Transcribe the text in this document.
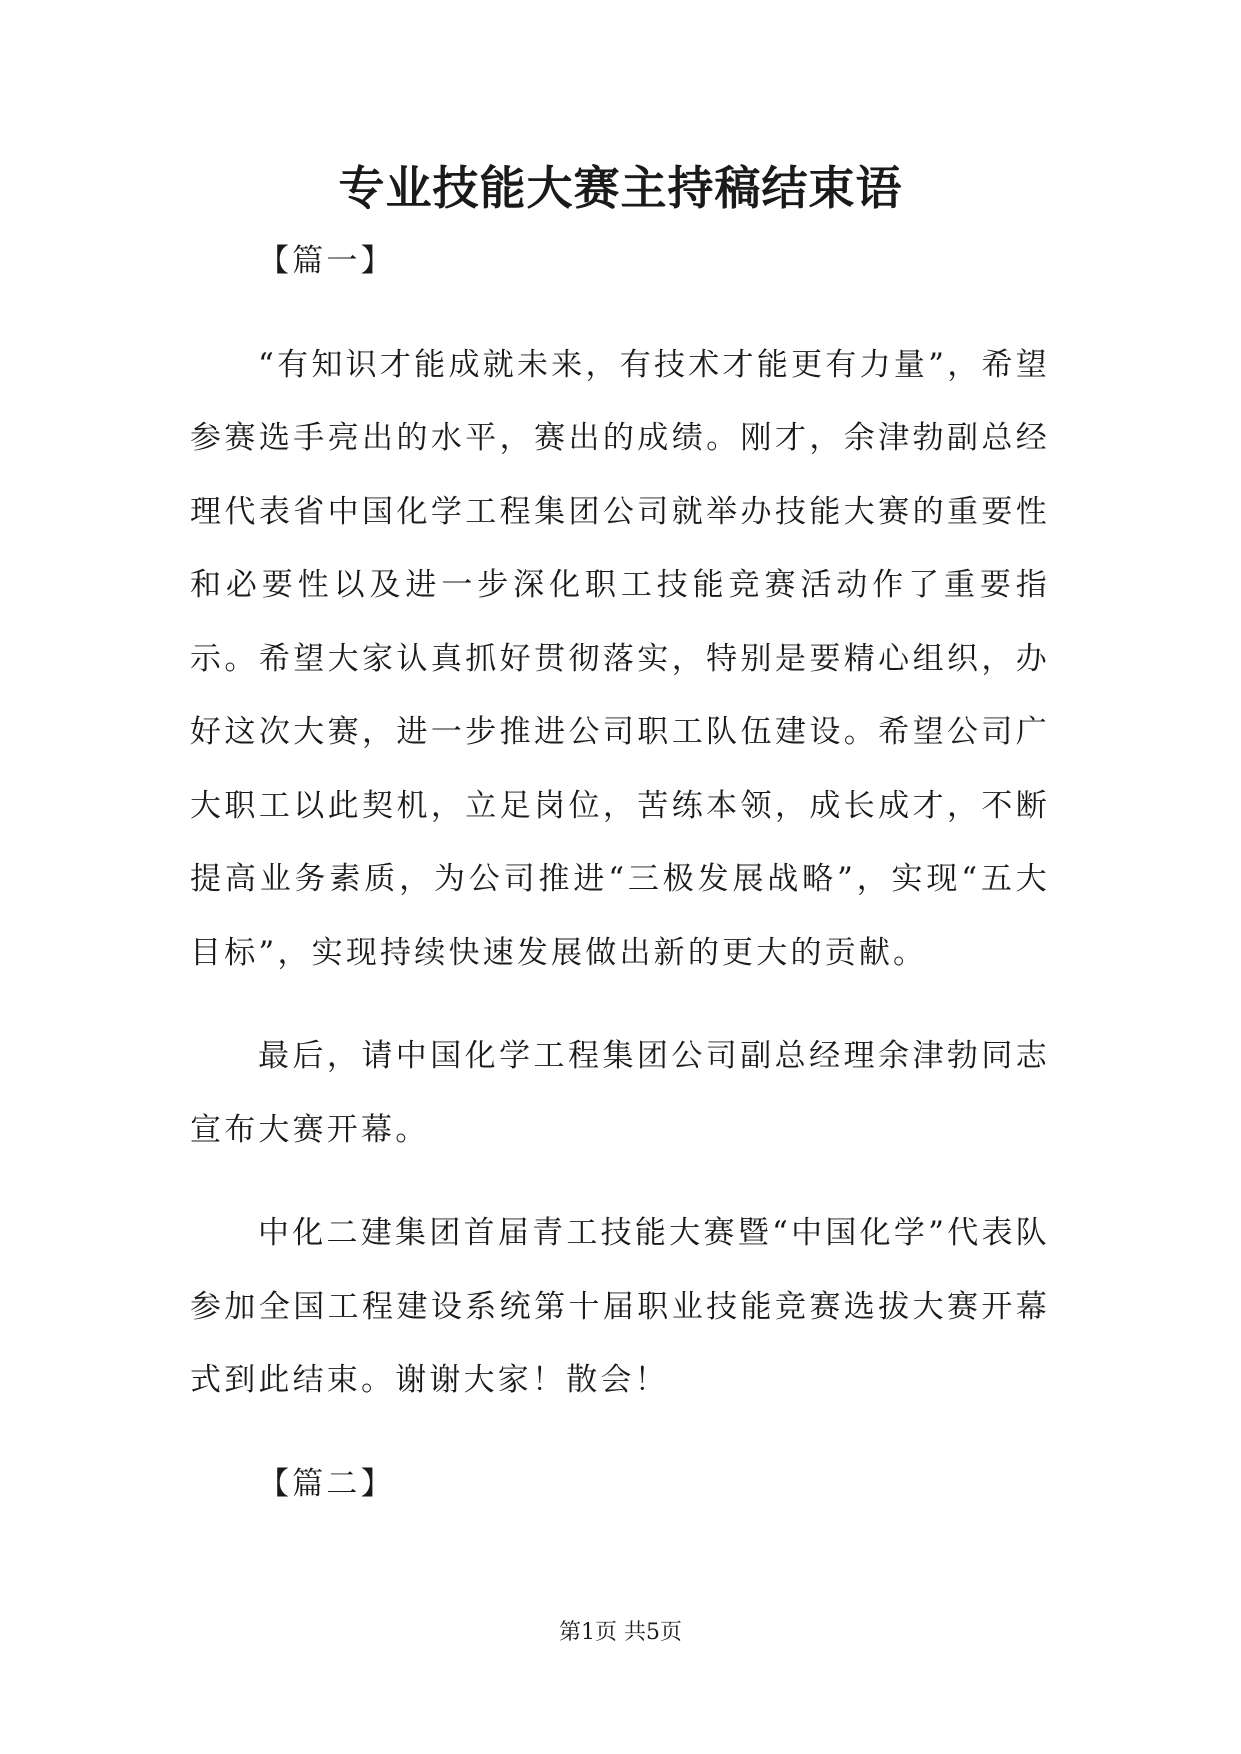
专业技能大赛主持稿结束语

【篇一】

“有知识才能成就未来，有技术才能更有力量”，希望参赛选手亮出的水平，赛出的成绩。刚才，余津勃副总经理代表省中国化学工程集团公司就举办技能大赛的重要性和必要性以及进一步深化职工技能竞赛活动作了重要指示。希望大家认真抓好贯彻落实，特别是要精心组织，办好这次大赛，进一步推进公司职工队伍建设。希望公司广大职工以此契机，立足岗位，苦练本领，成长成才，不断提高业务素质，为公司推进“三极发展战略”，实现“五大目标”，实现持续快速发展做出新的更大的贡献。

最后，请中国化学工程集团公司副总经理余津勃同志宣布大赛开幕。

中化二建集团首届青工技能大赛暨“中国化学”代表队参加全国工程建设系统第十届职业技能竞赛选拔大赛开幕式到此结束。谢谢大家！散会！

【篇二】

第1页 共5页
